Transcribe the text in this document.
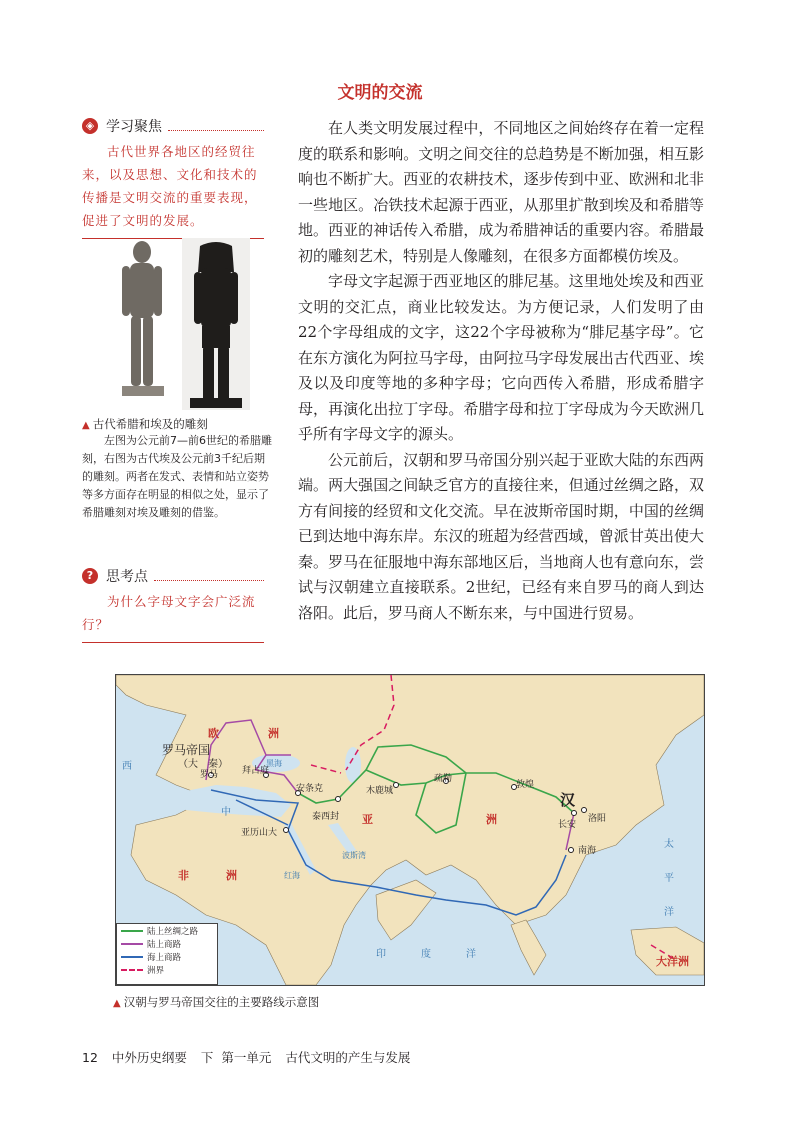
文明的交流
◈ 学习聚焦
古代世界各地区的经贸往来，以及思想、文化和技术的传播是文明交流的重要表现，促进了文明的发展。
▲ 古代希腊和埃及的雕刻
左图为公元前7—前6世纪的希腊雕刻，右图为古代埃及公元前3千纪后期的雕刻。两者在发式、表情和站立姿势等多方面存在明显的相似之处，显示了希腊雕刻对埃及雕刻的借鉴。
? 思考点
为什么字母文字会广泛流行？

在人类文明发展过程中，不同地区之间始终存在着一定程度的联系和影响。文明之间交往的总趋势是不断加强，相互影响也不断扩大。西亚的农耕技术，逐步传到中亚、欧洲和北非一些地区。冶铁技术起源于西亚，从那里扩散到埃及和希腊等地。西亚的神话传入希腊，成为希腊神话的重要内容。希腊最初的雕刻艺术，特别是人像雕刻，在很多方面都模仿埃及。

字母文字起源于西亚地区的腓尼基。这里地处埃及和西亚文明的交汇点，商业比较发达。为方便记录，人们发明了由22个字母组成的文字，这22个字母被称为“腓尼基字母”。它在东方演化为阿拉马字母，由阿拉马字母发展出古代西亚、埃及以及印度等地的多种字母；它向西传入希腊，形成希腊字母，再演化出拉丁字母。希腊字母和拉丁字母成为今天欧洲几乎所有字母文字的源头。

公元前后，汉朝和罗马帝国分别兴起于亚欧大陆的东西两端。两大强国之间缺乏官方的直接往来，但通过丝绸之路，双方有间接的经贸和文化交流。早在波斯帝国时期，中国的丝绸已到达地中海东岸。东汉的班超为经营西域，曾派甘英出使大秦。罗马在征服地中海东部地区后，当地商人也有意向东，尝试与汉朝建立直接联系。2世纪，已经有来自罗马的商人到达洛阳。此后，罗马商人不断东来，与中国进行贸易。

欧	洲
罗马帝国
（大　秦）
罗马	拜占庭
安条克
亚历山大
泰西封
木鹿城
疏勒
敦煌
汉
长安
洛阳
南海
亚	洲
非	洲
大洋洲
西
太
平
洋
印	度	洋
红海
波斯湾
黑海
中
陆上丝绸之路
陆上商路
海上商路
洲界
▲ 汉朝与罗马帝国交往的主要路线示意图
12 中外历史纲要 下 第一单元 古代文明的产生与发展
